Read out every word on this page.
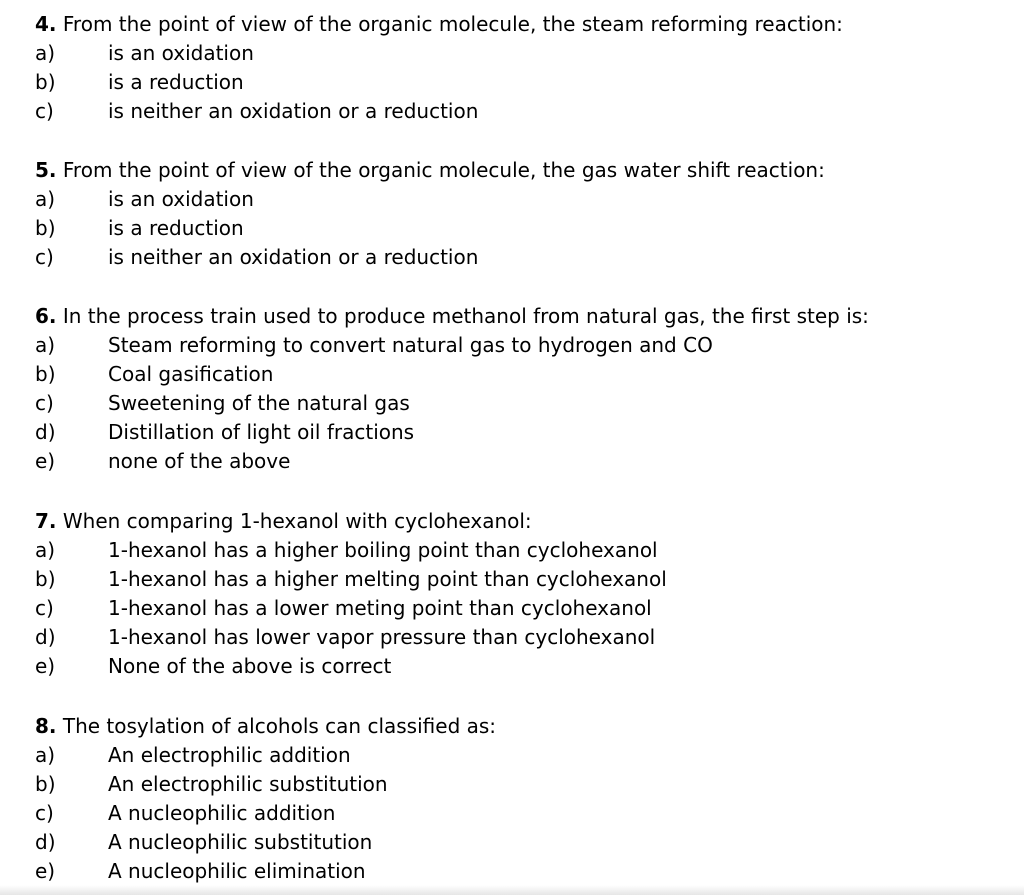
4. From the point of view of the organic molecule, the steam reforming reaction:
a)	is an oxidation
b)	is a reduction
c)	is neither an oxidation or a reduction
5. From the point of view of the organic molecule, the gas water shift reaction:
a)	is an oxidation
b)	is a reduction
c)	is neither an oxidation or a reduction
6. In the process train used to produce methanol from natural gas, the first step is:
a)	Steam reforming to convert natural gas to hydrogen and CO
b)	Coal gasification
c)	Sweetening of the natural gas
d)	Distillation of light oil fractions
e)	none of the above
7. When comparing 1-hexanol with cyclohexanol:
a)	1-hexanol has a higher boiling point than cyclohexanol
b)	1-hexanol has a higher melting point than cyclohexanol
c)	1-hexanol has a lower meting point than cyclohexanol
d)	1-hexanol has lower vapor pressure than cyclohexanol
e)	None of the above is correct
8. The tosylation of alcohols can classified as:
a)	An electrophilic addition
b)	An electrophilic substitution
c)	A nucleophilic addition
d)	A nucleophilic substitution
e)	A nucleophilic elimination
